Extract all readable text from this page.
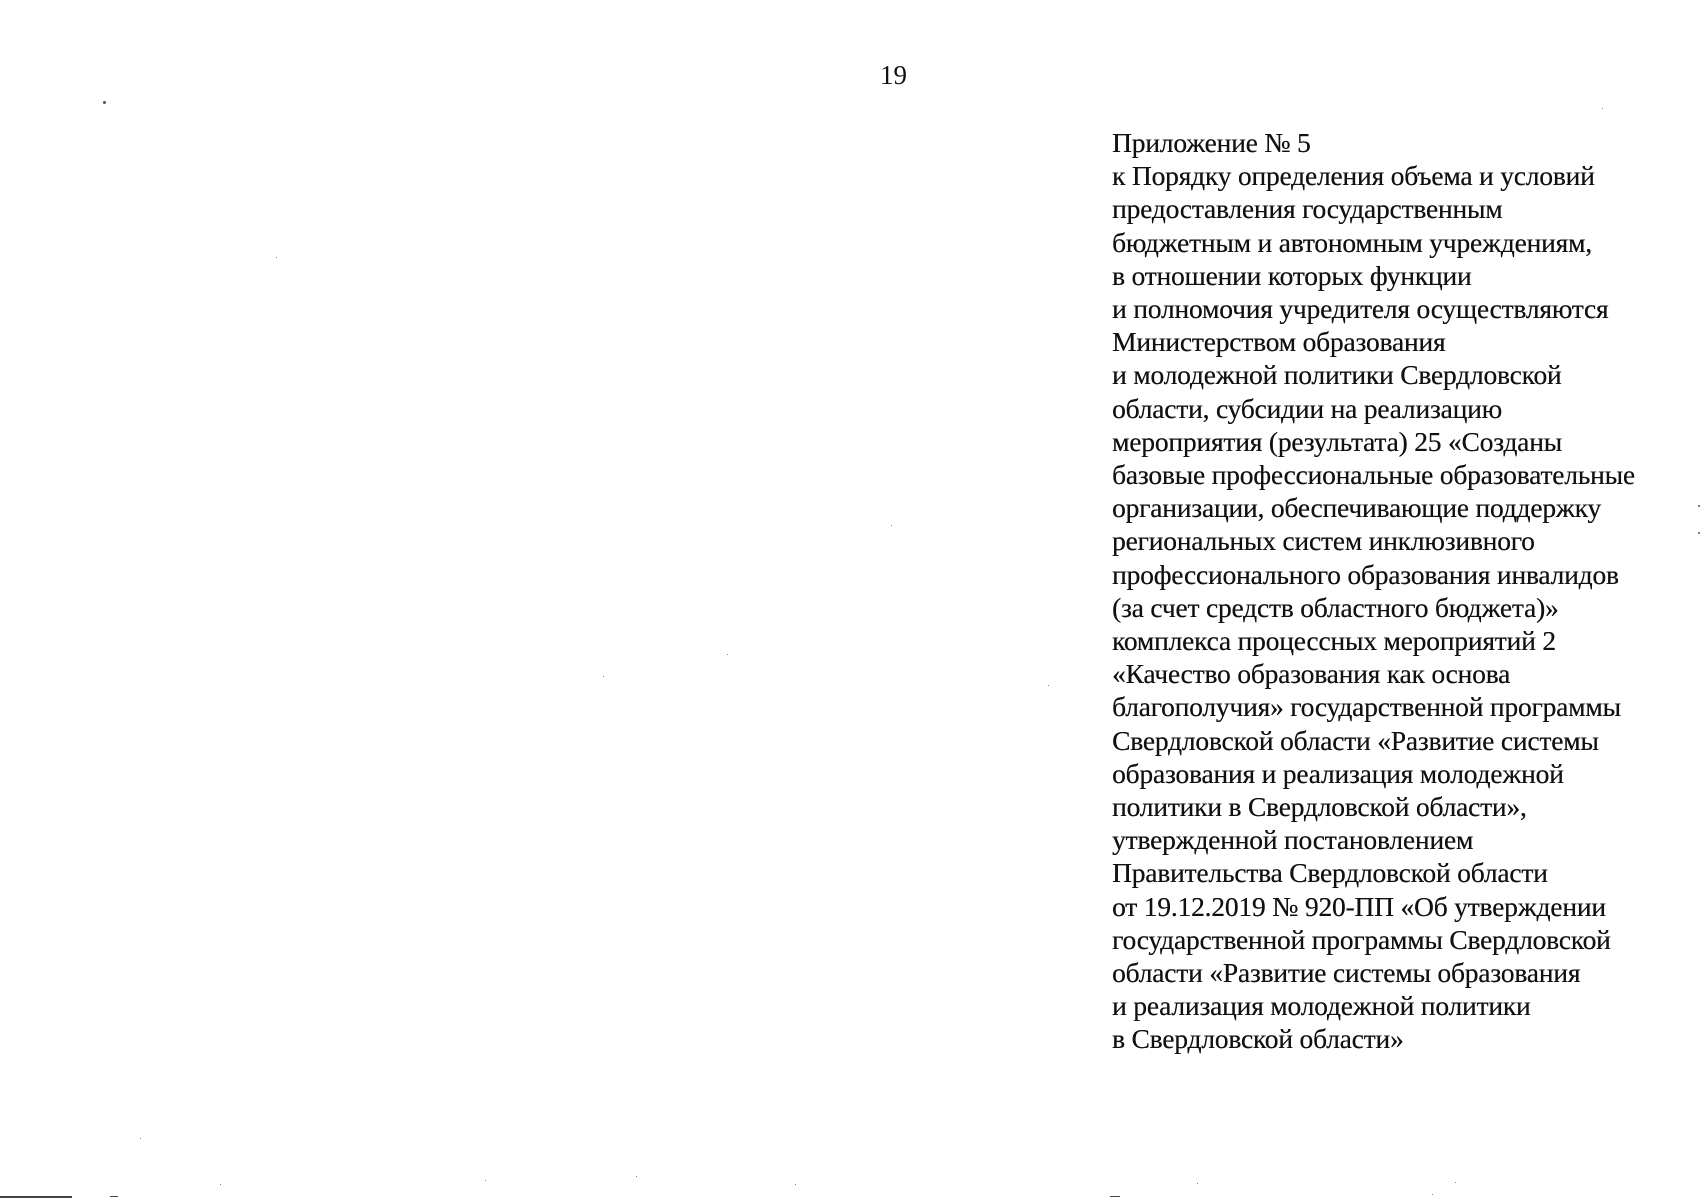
19
Приложение № 5
к Порядку определения объема и условий
предоставления государственным
бюджетным и автономным учреждениям,
в отношении которых функции
и полномочия учредителя осуществляются
Министерством образования
и молодежной политики Свердловской
области, субсидии на реализацию
мероприятия (результата) 25 «Созданы
базовые профессиональные образовательные
организации, обеспечивающие поддержку
региональных систем инклюзивного
профессионального образования инвалидов
(за счет средств областного бюджета)»
комплекса процессных мероприятий 2
«Качество образования как основа
благополучия» государственной программы
Свердловской области «Развитие системы
образования и реализация молодежной
политики в Свердловской области»,
утвержденной постановлением
Правительства Свердловской области
от 19.12.2019 № 920-ПП «Об утверждении
государственной программы Свердловской
области «Развитие системы образования
и реализация молодежной политики
в Свердловской области»
